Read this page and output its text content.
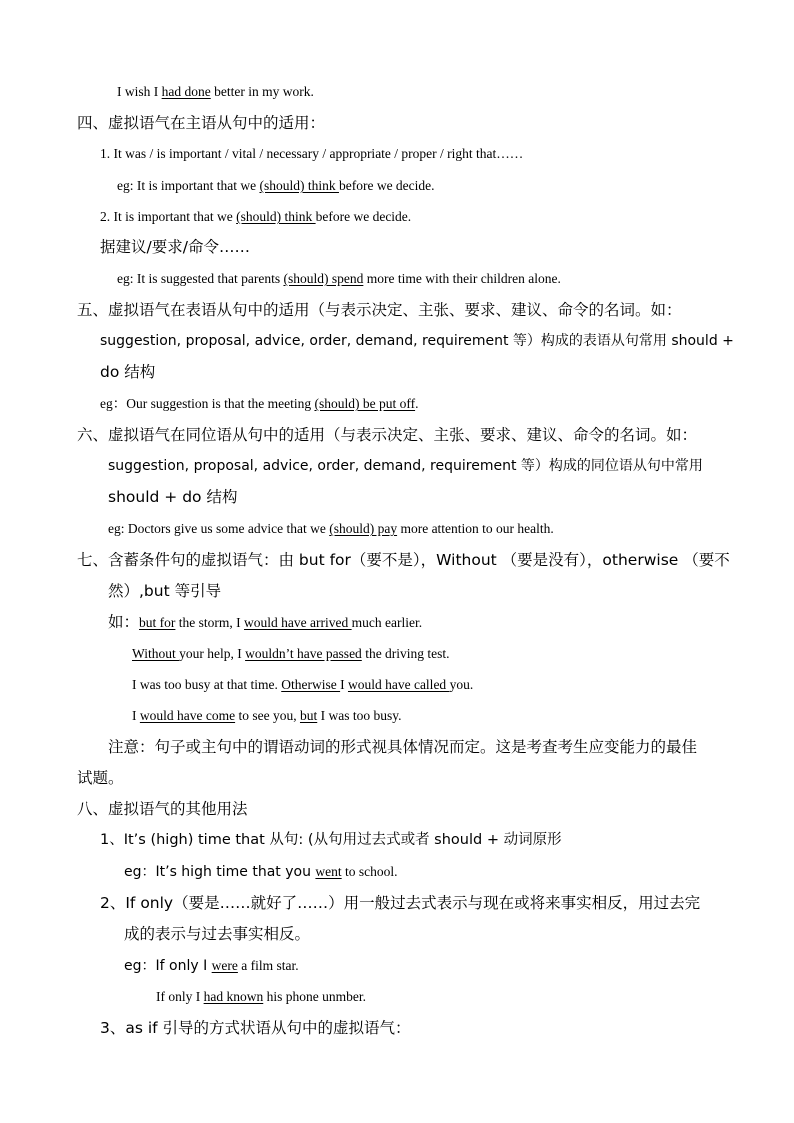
I wish I had done better in my work.
四、虚拟语气在主语从句中的适用：
1. It was / is important / vital / necessary / appropriate / proper / right that……
eg: It is important that we (should) think before we decide.
2. It is important that we (should) think before we decide.
据建议/要求/命令……
eg: It is suggested that parents (should) spend more time with their children alone.
五、虚拟语气在表语从句中的适用（与表示决定、主张、要求、建议、命令的名词。如：
suggestion, proposal, advice, order, demand, requirement 等）构成的表语从句常用 should +
do 结构
eg：Our suggestion is that the meeting (should) be put off.
六、虚拟语气在同位语从句中的适用（与表示决定、主张、要求、建议、命令的名词。如：
suggestion, proposal, advice, order, demand, requirement 等）构成的同位语从句中常用
should + do 结构
eg: Doctors give us some advice that we (should) pay more attention to our health.
七、含蓄条件句的虚拟语气：由 but for（要不是），Without （要是没有），otherwise （要不
然）,but 等引导
如：but for the storm, I would have arrived much earlier.
Without your help, I wouldn’t have passed the driving test.
I was too busy at that time. Otherwise I would have called you.
I would have come to see you, but I was too busy.
注意：句子或主句中的谓语动词的形式视具体情况而定。这是考查考生应变能力的最佳
试题。
八、虚拟语气的其他用法
1、It’s (high) time that 从句: (从句用过去式或者 should + 动词原形
eg：It’s high time that you went to school.
2、If only（要是……就好了……）用一般过去式表示与现在或将来事实相反，用过去完
成的表示与过去事实相反。
eg：If only I were a film star.
If only I had known his phone unmber.
3、as if 引导的方式状语从句中的虚拟语气：
